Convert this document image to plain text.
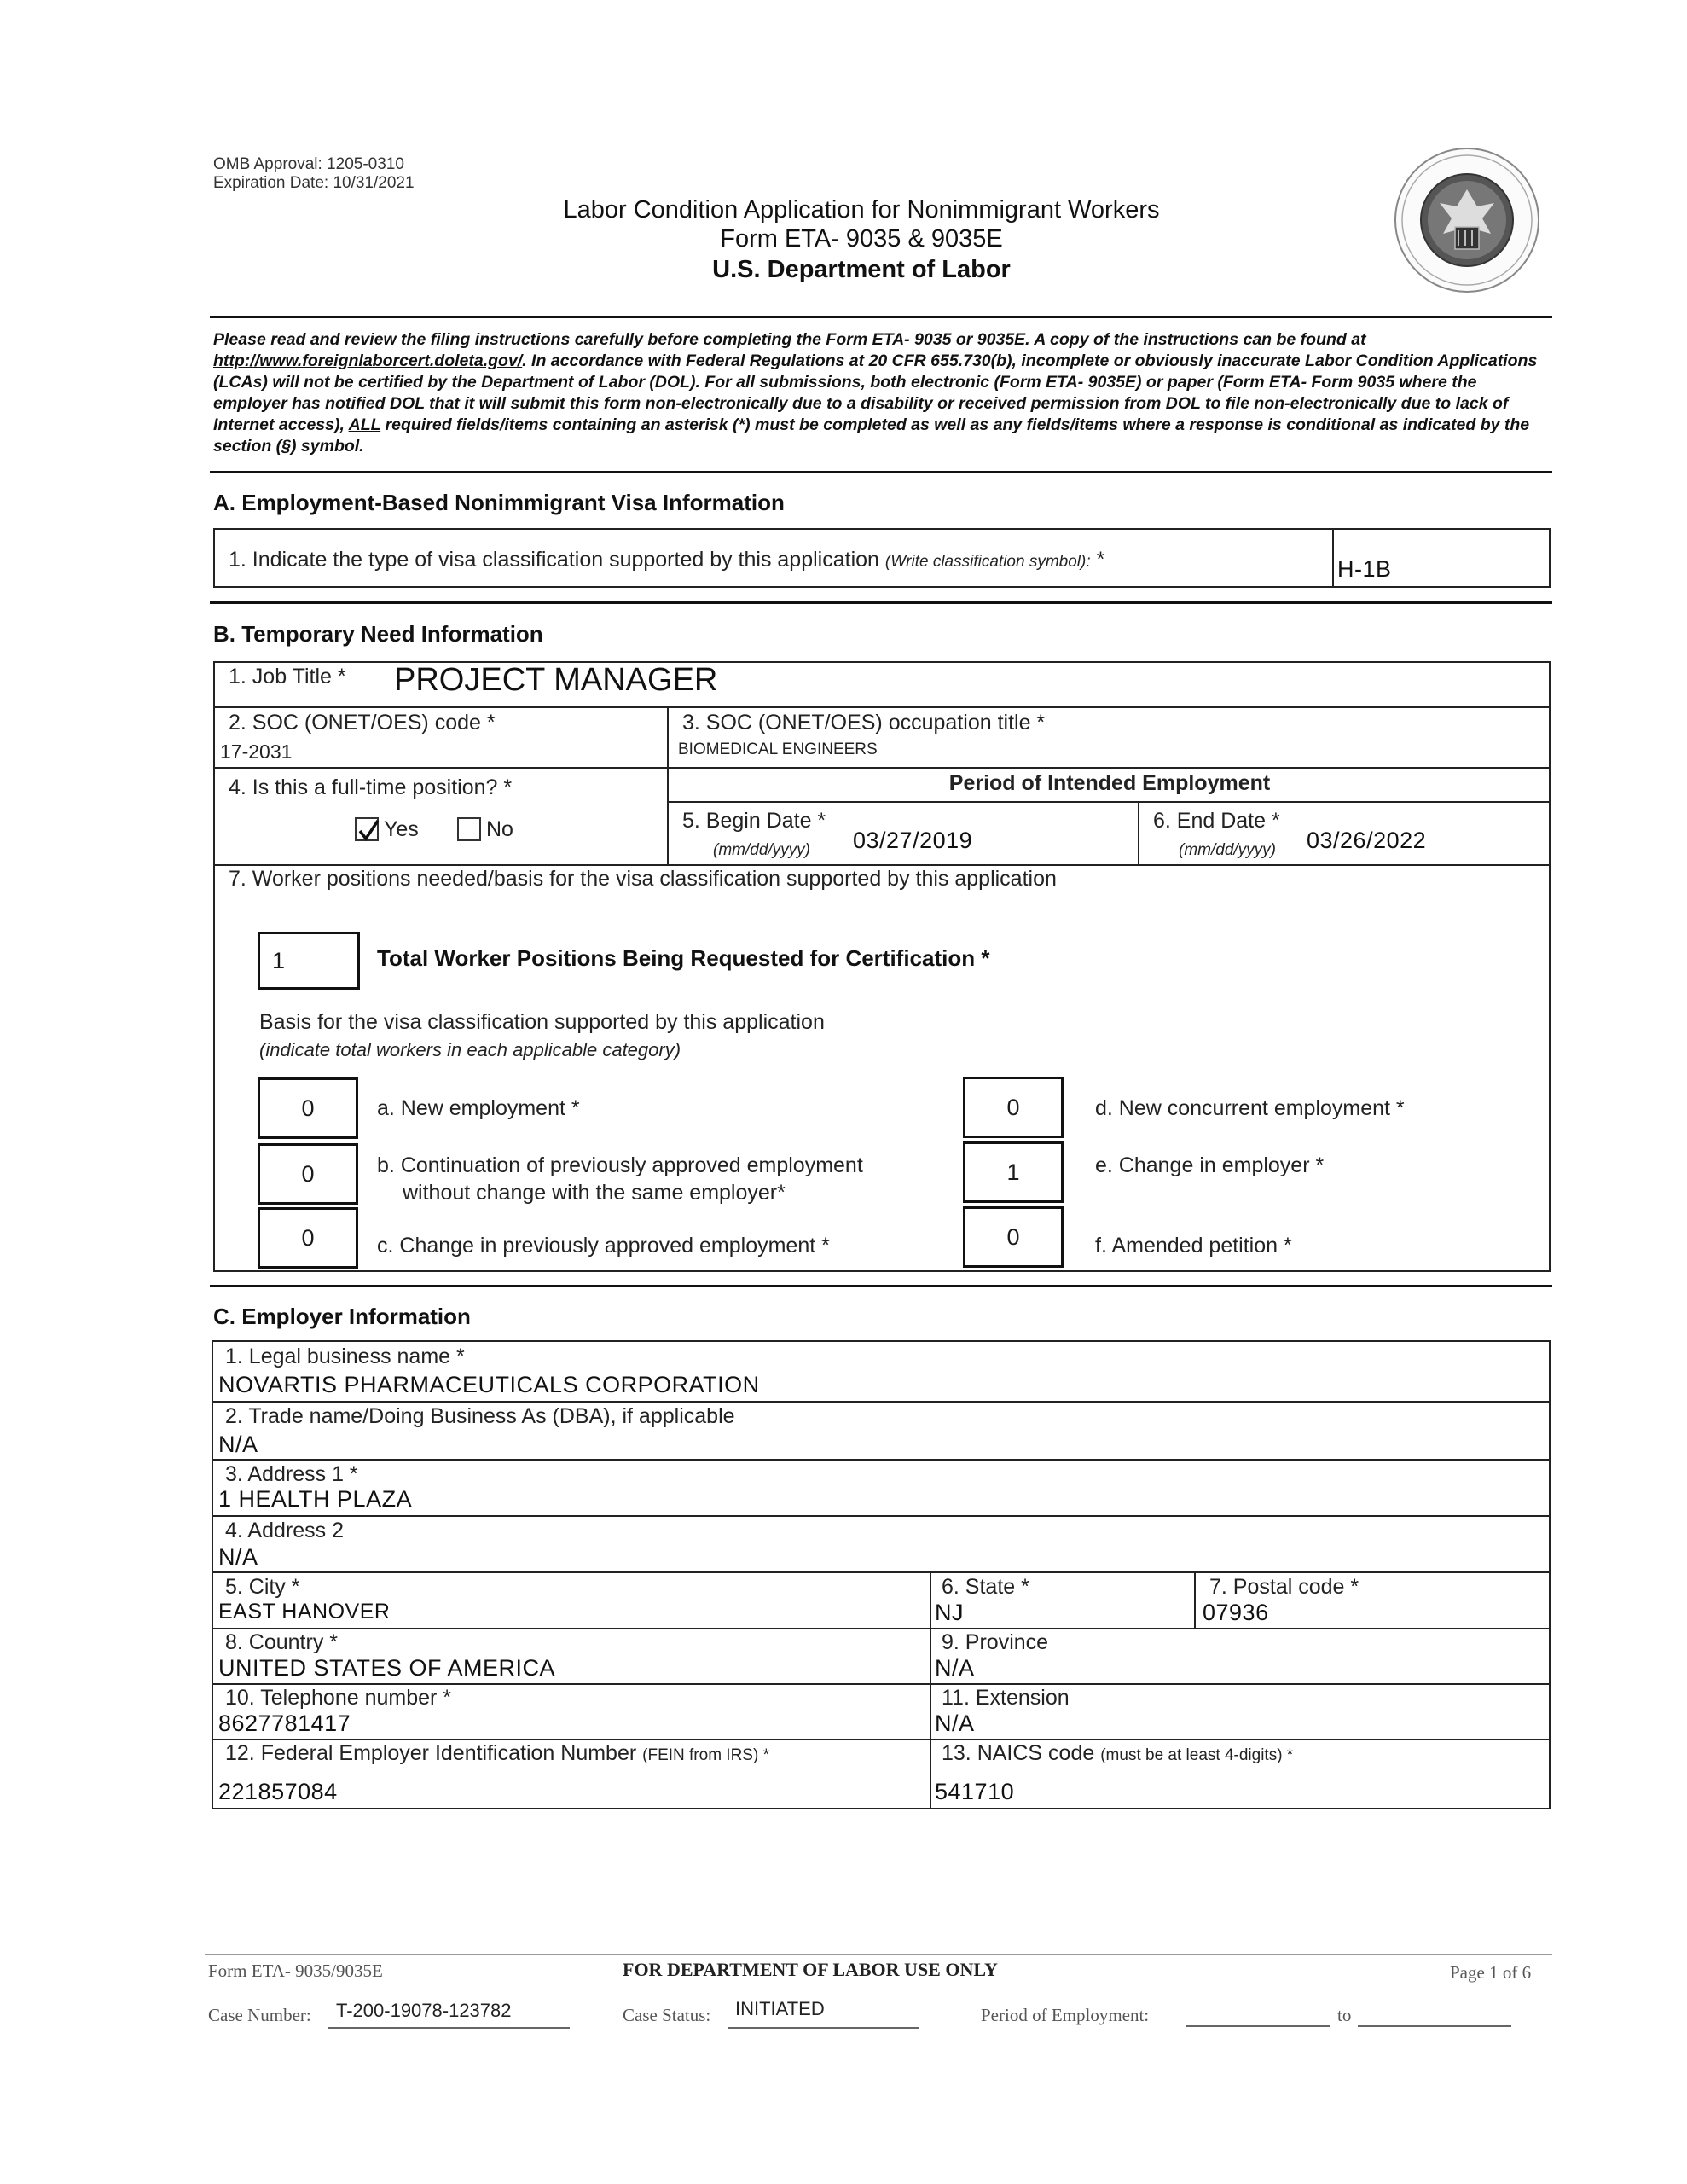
OMB Approval: 1205-0310
Expiration Date: 10/31/2021
Labor Condition Application for Nonimmigrant Workers
Form ETA- 9035 & 9035E
U.S. Department of Labor
Please read and review the filing instructions carefully before completing the Form ETA- 9035 or 9035E. A copy of the instructions can be found at http://www.foreignlaborcert.doleta.gov/. In accordance with Federal Regulations at 20 CFR 655.730(b), incomplete or obviously inaccurate Labor Condition Applications (LCAs) will not be certified by the Department of Labor (DOL). For all submissions, both electronic (Form ETA- 9035E) or paper (Form ETA- Form 9035 where the employer has notified DOL that it will submit this form non-electronically due to a disability or received permission from DOL to file non-electronically due to lack of Internet access), ALL required fields/items containing an asterisk (*) must be completed as well as any fields/items where a response is conditional as indicated by the section (§) symbol.
A. Employment-Based Nonimmigrant Visa Information
1. Indicate the type of visa classification supported by this application (Write classification symbol): *	H-1B
B. Temporary Need Information
1. Job Title * PROJECT MANAGER
2. SOC (ONET/OES) code *
17-2031
3. SOC (ONET/OES) occupation title *
BIOMEDICAL ENGINEERS
4. Is this a full-time position? *
Yes	No
Period of Intended Employment
5. Begin Date *
(mm/dd/yyyy) 03/27/2019
6. End Date *
(mm/dd/yyyy) 03/26/2022
7. Worker positions needed/basis for the visa classification supported by this application
1	Total Worker Positions Being Requested for Certification *
Basis for the visa classification supported by this application
(indicate total workers in each applicable category)
0	a. New employment *
0	b. Continuation of previously approved employment
without change with the same employer*
0	c. Change in previously approved employment *
0	d. New concurrent employment *
1	e. Change in employer *
0	f. Amended petition *
C. Employer Information
1. Legal business name *
NOVARTIS PHARMACEUTICALS CORPORATION
2. Trade name/Doing Business As (DBA), if applicable
N/A
3. Address 1 *
1 HEALTH PLAZA
4. Address 2
N/A
5. City *
EAST HANOVER
6. State *
NJ
7. Postal code *
07936
8. Country *
UNITED STATES OF AMERICA
9. Province
N/A
10. Telephone number *
8627781417
11. Extension
N/A
12. Federal Employer Identification Number (FEIN from IRS) *
221857084
13. NAICS code (must be at least 4-digits) *
541710
Form ETA- 9035/9035E	FOR DEPARTMENT OF LABOR USE ONLY	Page 1 of 6
Case Number: T-200-19078-123782	Case Status: INITIATED	Period of Employment:	to
